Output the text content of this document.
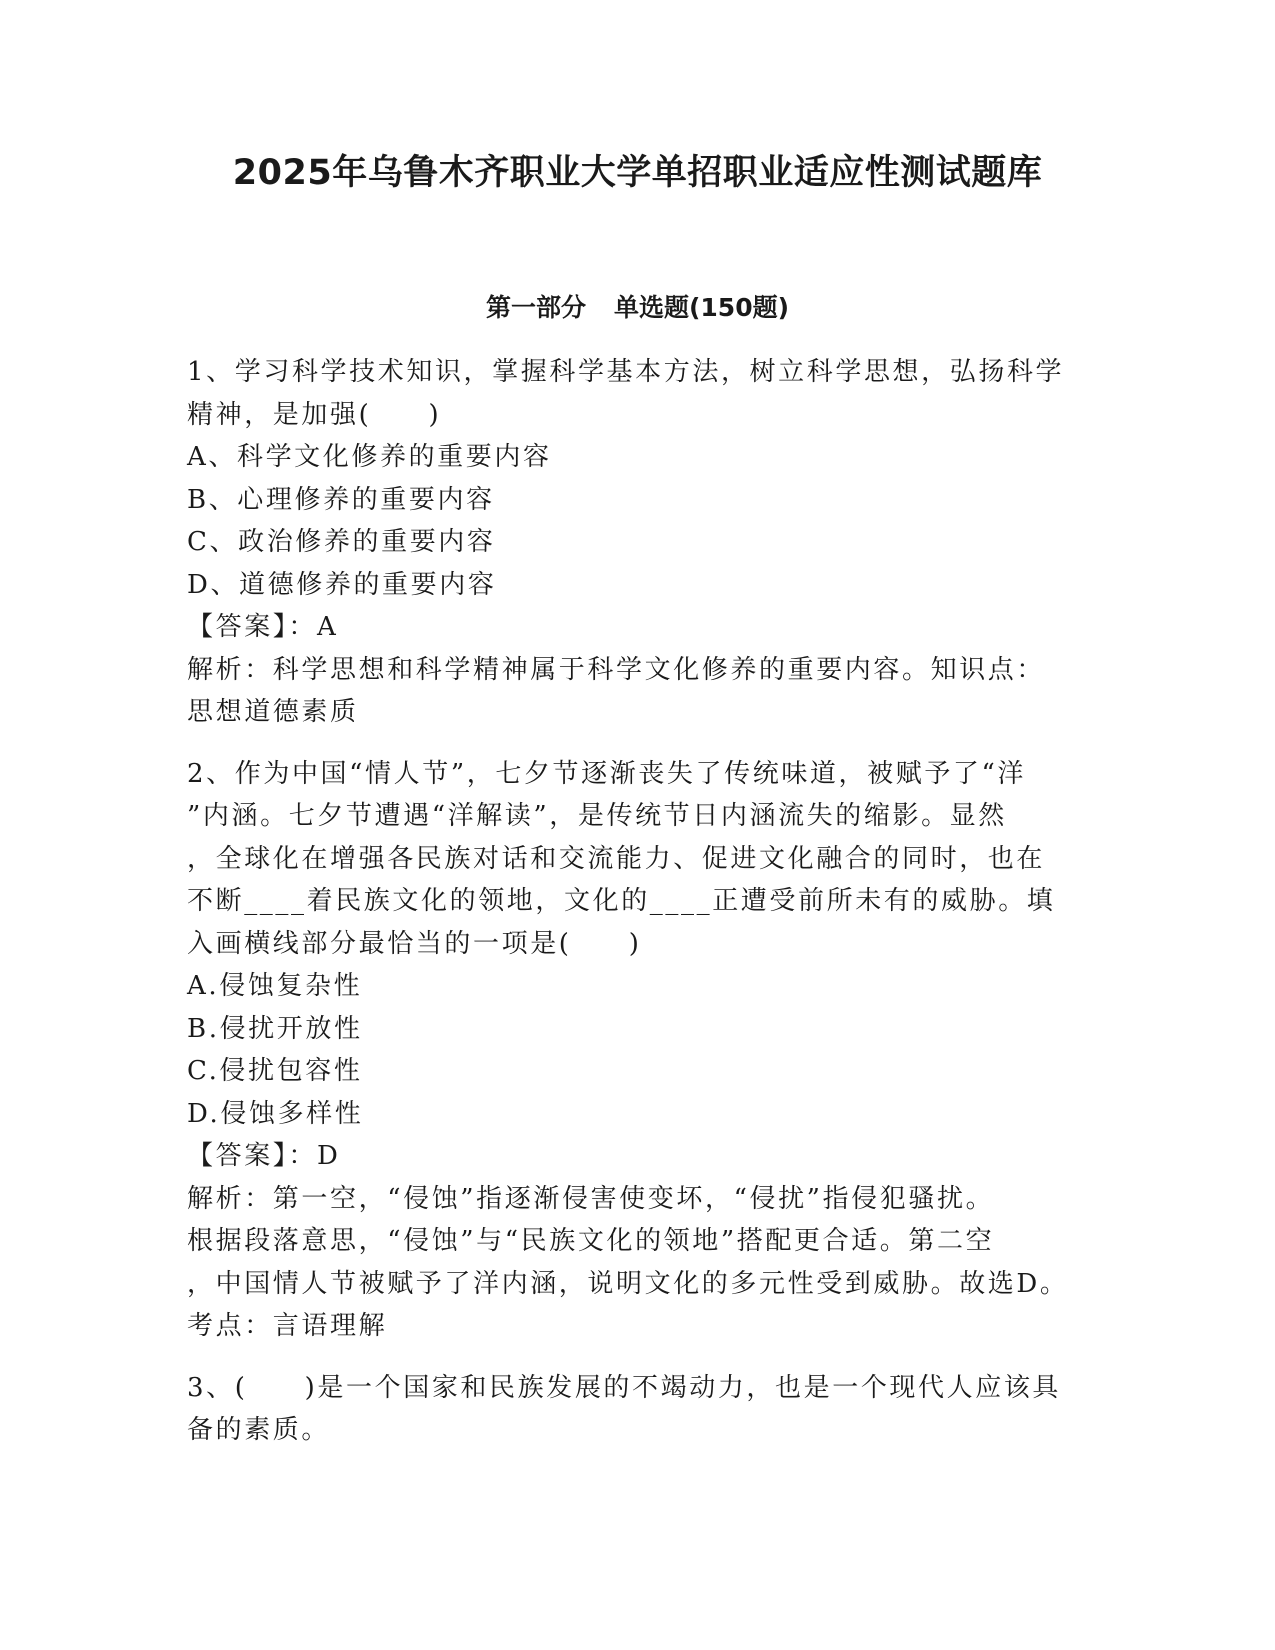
2025年乌鲁木齐职业大学单招职业适应性测试题库
第一部分 单选题(150题)
1、学习科学技术知识，掌握科学基本方法，树立科学思想，弘扬科学
精神，是加强(　　)
A、科学文化修养的重要内容
B、心理修养的重要内容
C、政治修养的重要内容
D、道德修养的重要内容
【答案】：A
解析：科学思想和科学精神属于科学文化修养的重要内容。知识点：
思想道德素质
2、作为中国“情人节”，七夕节逐渐丧失了传统味道，被赋予了“洋
”内涵。七夕节遭遇“洋解读”，是传统节日内涵流失的缩影。显然
，全球化在增强各民族对话和交流能力、促进文化融合的同时，也在
不断____着民族文化的领地，文化的____正遭受前所未有的威胁。填
入画横线部分最恰当的一项是(　　)
A.侵蚀复杂性
B.侵扰开放性
C.侵扰包容性
D.侵蚀多样性
【答案】：D
解析：第一空，“侵蚀”指逐渐侵害使变坏，“侵扰”指侵犯骚扰。
根据段落意思，“侵蚀”与“民族文化的领地”搭配更合适。第二空
，中国情人节被赋予了洋内涵，说明文化的多元性受到威胁。故选D。
考点：言语理解
3、(　　)是一个国家和民族发展的不竭动力，也是一个现代人应该具
备的素质。
